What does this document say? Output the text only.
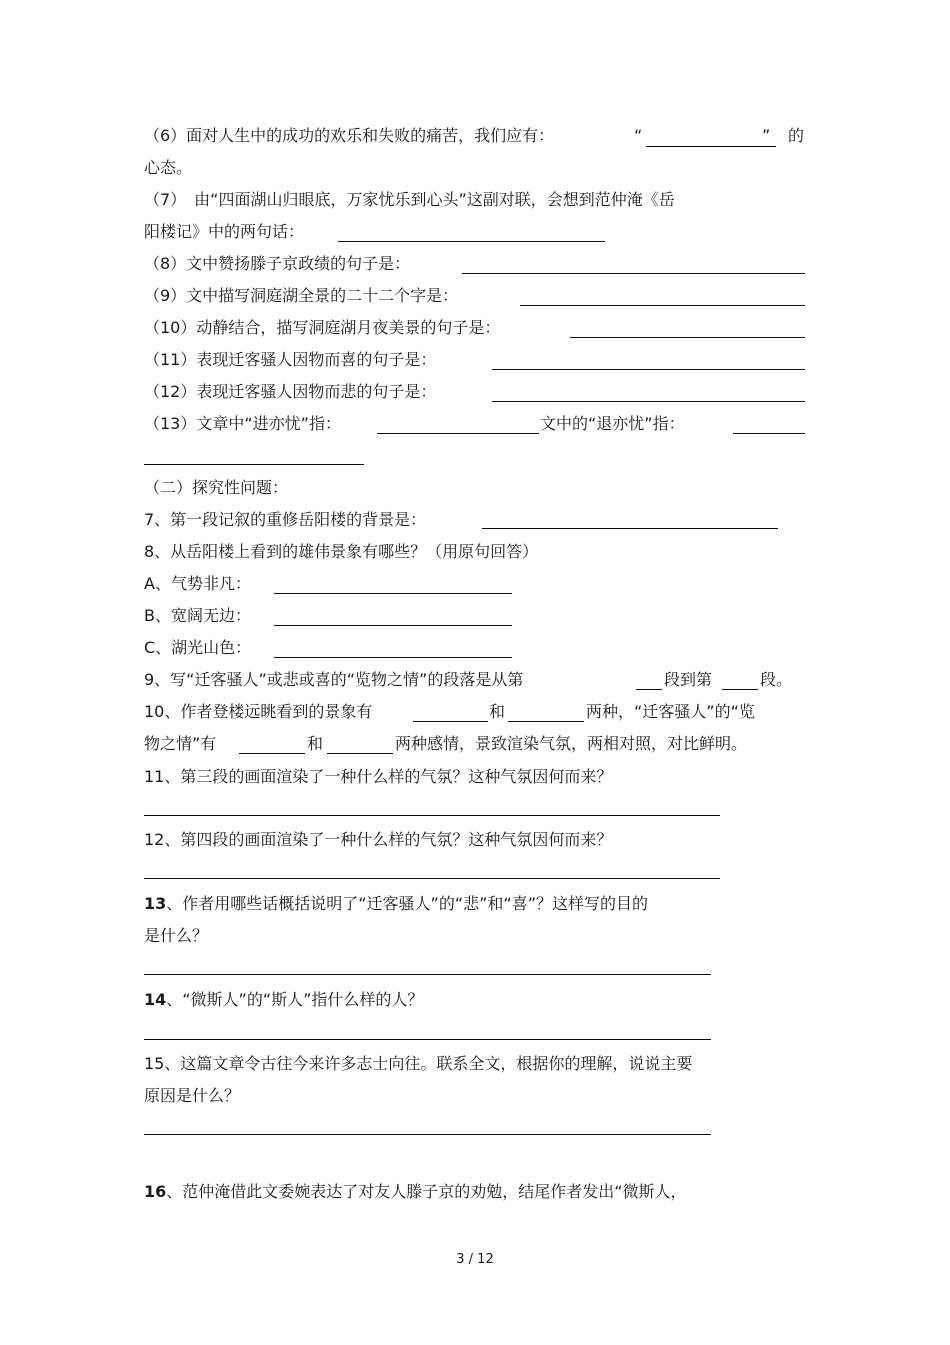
（6）面对人生中的成功的欢乐和失败的痛苦，我们应有：	“	” 的
心态。
（7）　由“四面湖山归眼底，万家忧乐到心头”这副对联，会想到范仲淹《岳
阳楼记》中的两句话：
（8）文中赞扬滕子京政绩的句子是：
（9）文中描写洞庭湖全景的二十二个字是：
（10）动静结合，描写洞庭湖月夜美景的句子是：
（11）表现迁客骚人因物而喜的句子是：
（12）表现迁客骚人因物而悲的句子是：
（13）文章中“进亦忧”指：	文中的“退亦忧”指：
（二）探究性问题：
7、第一段记叙的重修岳阳楼的背景是：
8、从岳阳楼上看到的雄伟景象有哪些？（用原句回答）
A、气势非凡：
B、宽阔无边：
C、湖光山色：
9、写“迁客骚人”或悲或喜的“览物之情”的段落是从第	段到第	段。
10、作者登楼远眺看到的景象有	和	两种，“迁客骚人”的“览
物之情”有	和	两种感情，景致渲染气氛，两相对照，对比鲜明。
11、第三段的画面渲染了一种什么样的气氛？这种气氛因何而来？
12、第四段的画面渲染了一种什么样的气氛？这种气氛因何而来？
13、作者用哪些话概括说明了“迁客骚人”的“悲”和“喜”？这样写的目的
是什么？
14、“微斯人”的“斯人”指什么样的人？
15、这篇文章令古往今来许多志士向往。联系全文，根据你的理解，说说主要
原因是什么？
16、范仲淹借此文委婉表达了对友人滕子京的劝勉，结尾作者发出“微斯人，
3 / 12
